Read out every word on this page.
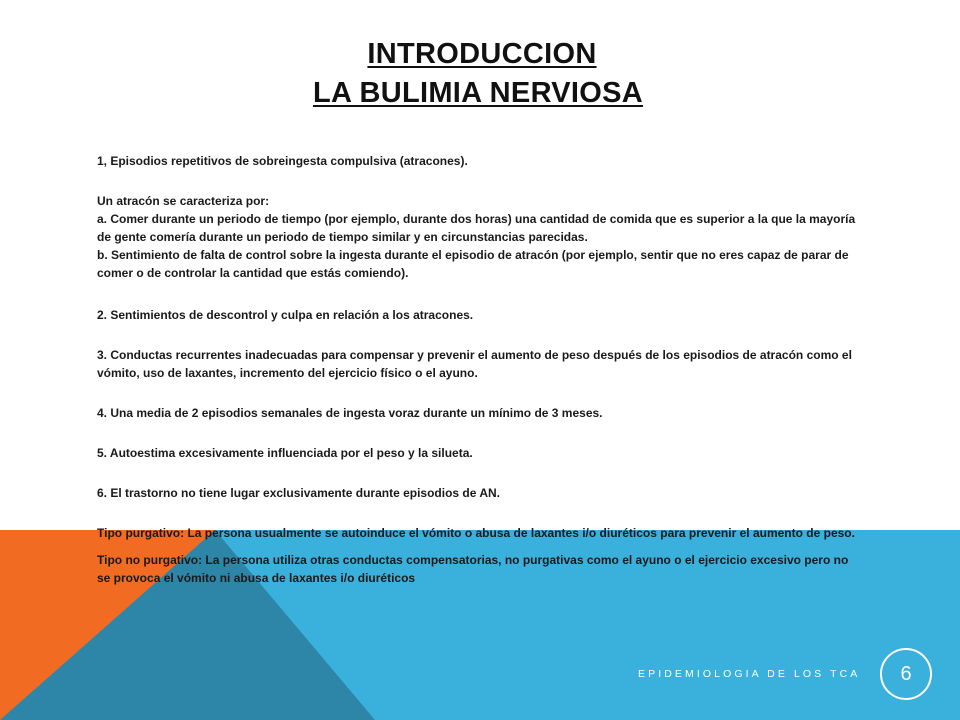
INTRODUCCION
LA BULIMIA NERVIOSA

1, Episodios repetitivos de sobreingesta compulsiva (atracones).

Un atracón se caracteriza por:

a. Comer durante un periodo de tiempo (por ejemplo, durante dos horas) una cantidad de comida que es superior a la que la mayoría de gente comería durante un periodo de tiempo similar y en circunstancias parecidas.

b. Sentimiento de falta de control sobre la ingesta durante el episodio de atracón (por ejemplo, sentir que no eres capaz de parar de comer o de controlar la cantidad que estás comiendo).

2. Sentimientos de descontrol y culpa en relación a los atracones.

3. Conductas recurrentes inadecuadas para compensar y prevenir el aumento de peso después de los episodios de atracón como el vómito, uso de laxantes, incremento del ejercicio físico o el ayuno.

4. Una media de 2 episodios semanales de ingesta voraz durante un mínimo de 3 meses.

5. Autoestima excesivamente influenciada por el peso y la silueta.

6. El trastorno no tiene lugar exclusivamente durante episodios de AN.

Tipo purgativo: La persona usualmente se autoinduce el vómito o abusa de laxantes i/o diuréticos para prevenir el aumento de peso.

Tipo no purgativo: La persona utiliza otras conductas compensatorias, no purgativas como el ayuno o el ejercicio excesivo pero no se provoca el vómito ni abusa de laxantes i/o diuréticos

EPIDEMIOLOGIA DE LOS TCA 6
